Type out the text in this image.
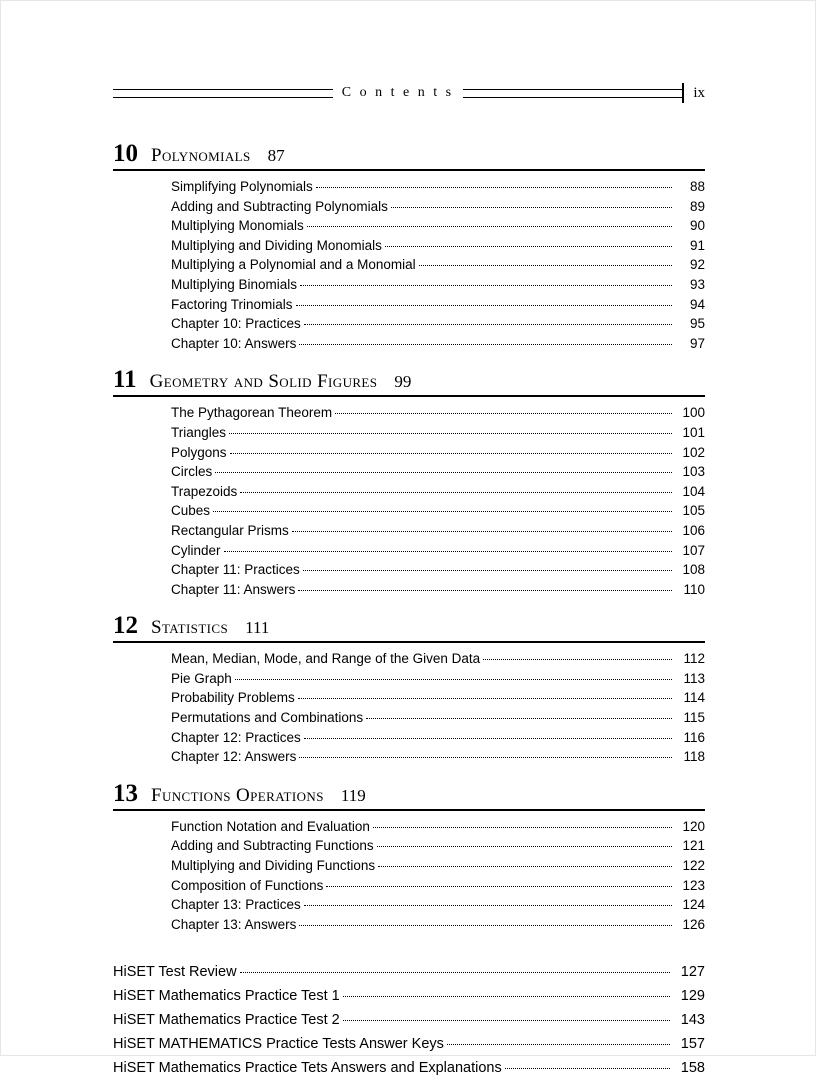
C o n t e n t s	ix
10 Polynomials 87
Simplifying Polynomials	88
Adding and Subtracting Polynomials	89
Multiplying Monomials	90
Multiplying and Dividing Monomials	91
Multiplying a Polynomial and a Monomial	92
Multiplying Binomials	93
Factoring Trinomials	94
Chapter 10: Practices	95
Chapter 10: Answers	97
11 Geometry and Solid Figures 99
The Pythagorean Theorem	100
Triangles	101
Polygons	102
Circles	103
Trapezoids	104
Cubes	105
Rectangular Prisms	106
Cylinder	107
Chapter 11: Practices	108
Chapter 11: Answers	110
12 Statistics 111
Mean, Median, Mode, and Range of the Given Data	112
Pie Graph	113
Probability Problems	114
Permutations and Combinations	115
Chapter 12: Practices	116
Chapter 12: Answers	118
13 Functions Operations 119
Function Notation and Evaluation	120
Adding and Subtracting Functions	121
Multiplying and Dividing Functions	122
Composition of Functions	123
Chapter 13: Practices	124
Chapter 13: Answers	126
HiSET Test Review	127
HiSET Mathematics Practice Test 1	129
HiSET Mathematics Practice Test 2	143
HiSET MATHEMATICS Practice Tests Answer Keys	157
HiSET Mathematics Practice Tets Answers and Explanations	158
